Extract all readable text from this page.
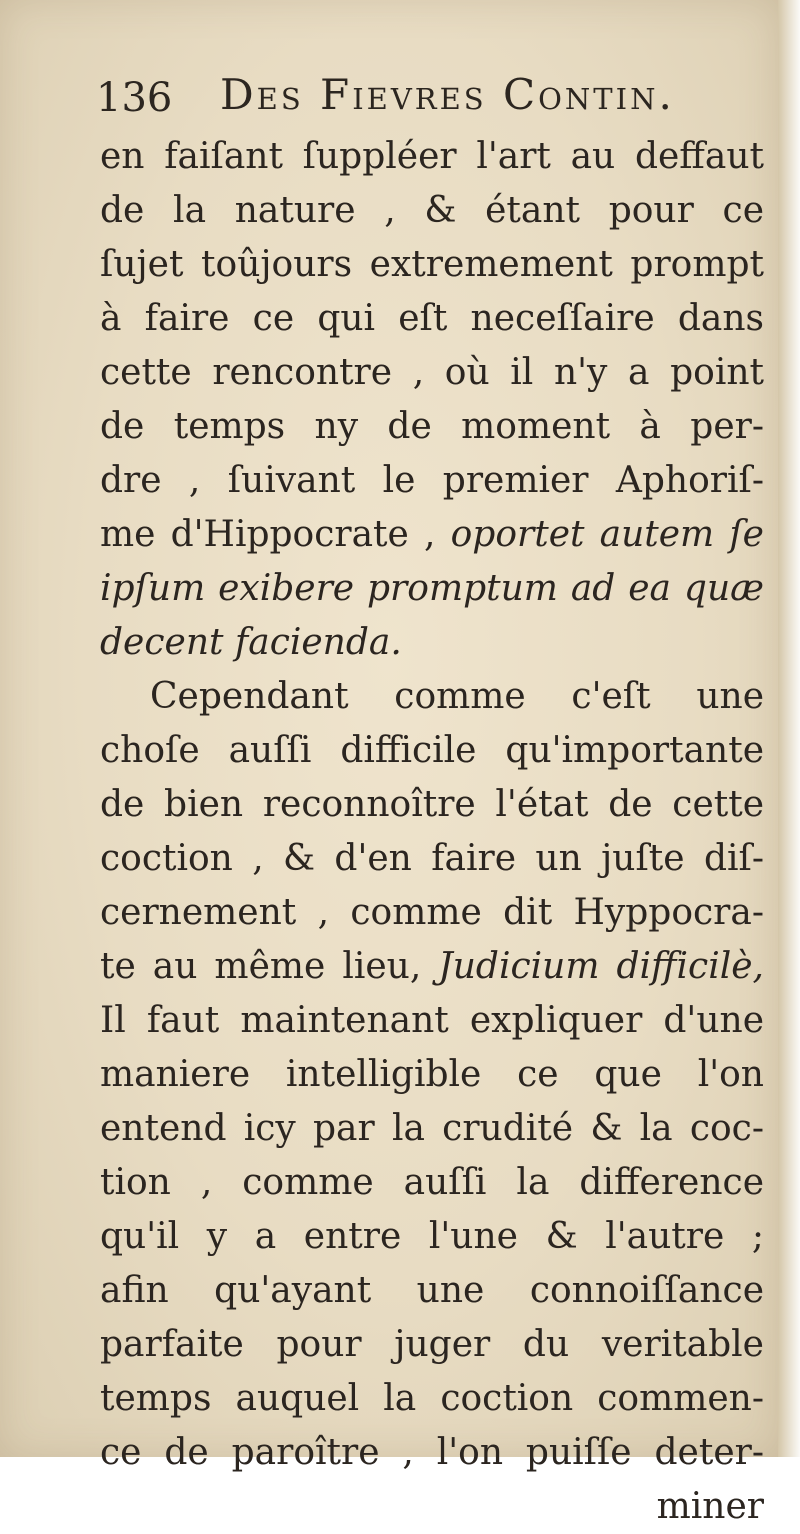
136 Des Fievres Contin.
en faiſant ſuppléer l'art au deffaut
de la nature , & étant pour ce
ſujet toûjours extremement prompt
à faire ce qui eſt neceſſaire dans
cette rencontre , où il n'y a point
de temps ny de moment à per-
dre , ſuivant le premier Aphoriſ-
me d'Hippocrate , oportet autem ſe
ipſum exibere promptum ad ea quæ
decent facienda.
Cependant comme c'eſt une
choſe auſſi difficile qu'importante
de bien reconnoître l'état de cette
coction , & d'en faire un juſte diſ-
cernement , comme dit Hyppocra-
te au même lieu, Judicium difficilè,
Il faut maintenant expliquer d'une
maniere intelligible ce que l'on
entend icy par la crudité & la coc-
tion , comme auſſi la difference
qu'il y a entre l'une & l'autre ;
afin qu'ayant une connoiſſance
parfaite pour juger du veritable
temps auquel la coction commen-
ce de paroître , l'on puiſſe deter-
miner
